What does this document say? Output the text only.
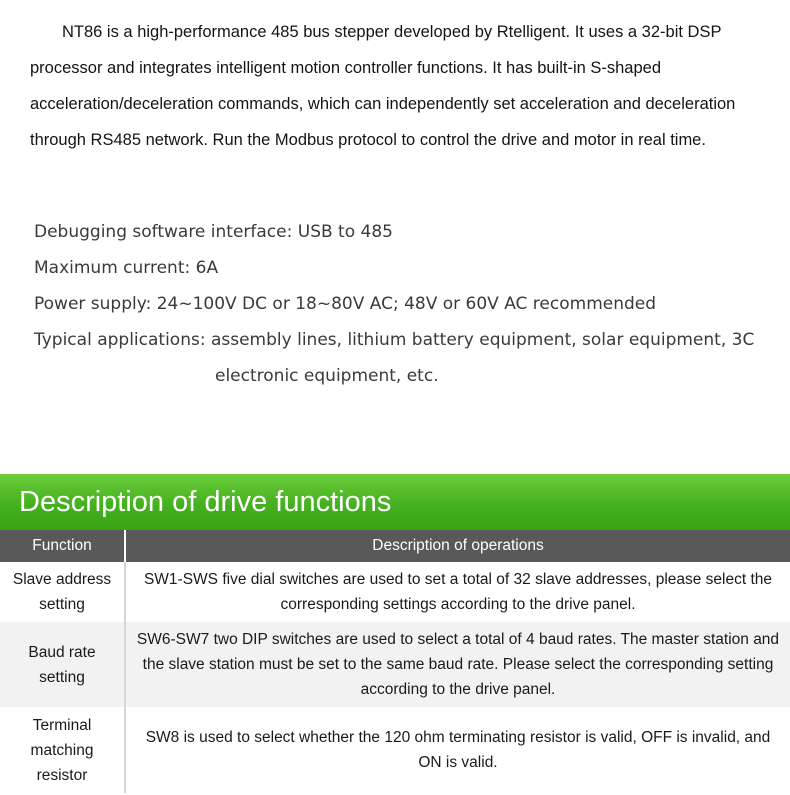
NT86 is a high-performance 485 bus stepper developed by Rtelligent. It uses a 32-bit DSP processor and integrates intelligent motion controller functions. It has built-in S-shaped acceleration/deceleration commands, which can independently set acceleration and deceleration through RS485 network. Run the Modbus protocol to control the drive and motor in real time.
Debugging software interface: USB to 485
Maximum current: 6A
Power supply: 24~100V DC or 18~80V AC; 48V or 60V AC recommended
Typical applications: assembly lines, lithium battery equipment, solar equipment, 3C
electronic equipment, etc.
Description of drive functions
Function	Description of operations
Slave address setting	SW1-SWS five dial switches are used to set a total of 32 slave addresses, please select the corresponding settings according to the drive panel.
Baud rate setting	SW6-SW7 two DIP switches are used to select a total of 4 baud rates. The master station and the slave station must be set to the same baud rate. Please select the corresponding setting according to the drive panel.
Terminal matching resistor	SW8 is used to select whether the 120 ohm terminating resistor is valid, OFF is invalid, and ON is valid.
